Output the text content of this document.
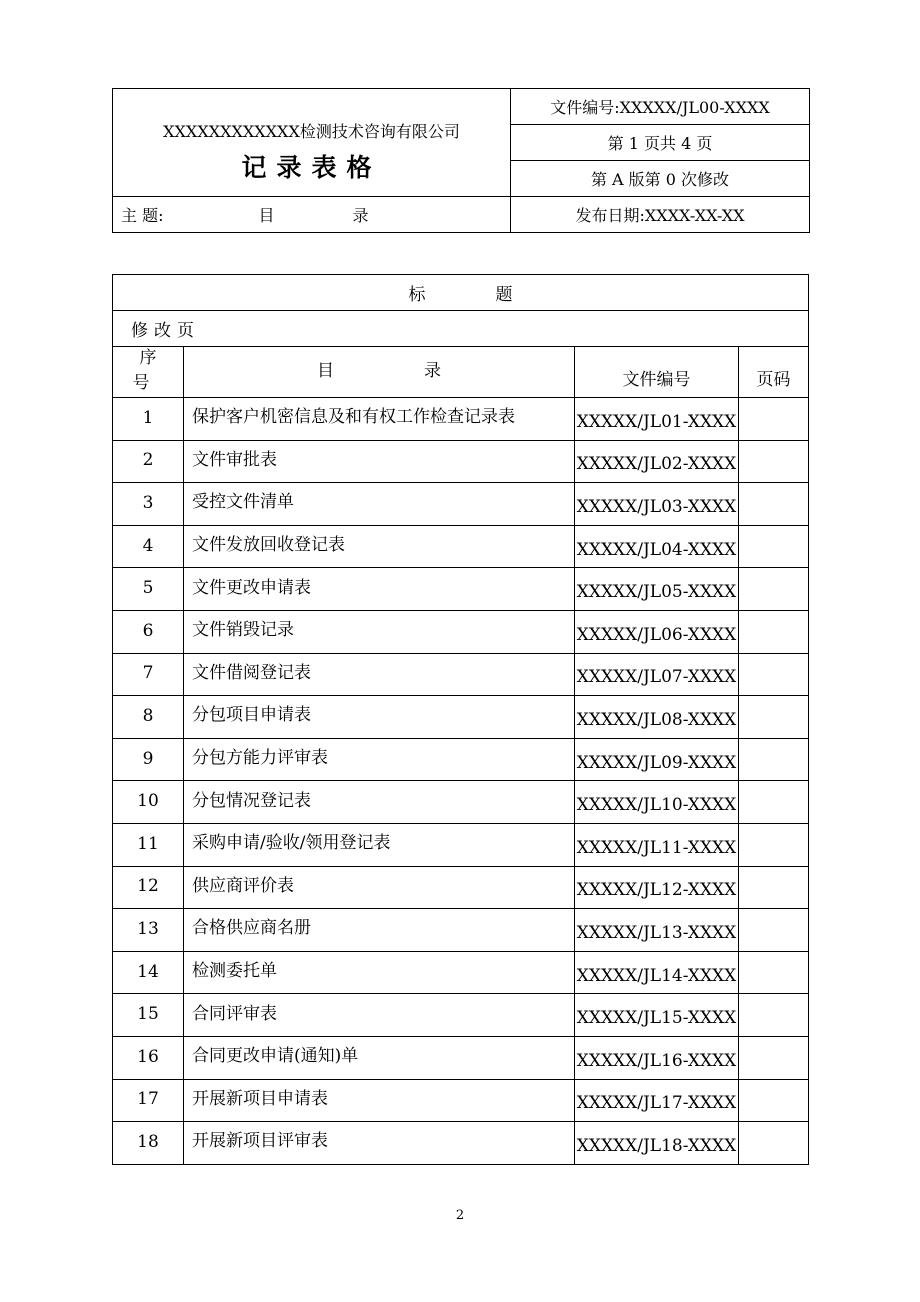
XXXXXXXXXXXX检测技术咨询有限公司
记录表格	文件编号:XXXXX/JL00-XXXX
	第 1 页共 4 页
	第 A 版第 0 次修改

主 题: 目录	发布日期:XXXX-XX-XX
标题			
修改页			
序号	目录	文件编号	页码
1	保护客户机密信息及和有权工作检查记录表	XXXXX/JL01-XXXX	
2	文件审批表	XXXXX/JL02-XXXX	
3	受控文件清单	XXXXX/JL03-XXXX	
4	文件发放回收登记表	XXXXX/JL04-XXXX	
5	文件更改申请表	XXXXX/JL05-XXXX	
6	文件销毁记录	XXXXX/JL06-XXXX	
7	文件借阅登记表	XXXXX/JL07-XXXX	
8	分包项目申请表	XXXXX/JL08-XXXX	
9	分包方能力评审表	XXXXX/JL09-XXXX	
10	分包情况登记表	XXXXX/JL10-XXXX	
11	采购申请/验收/领用登记表	XXXXX/JL11-XXXX	
12	供应商评价表	XXXXX/JL12-XXXX	
13	合格供应商名册	XXXXX/JL13-XXXX	
14	检测委托单	XXXXX/JL14-XXXX	
15	合同评审表	XXXXX/JL15-XXXX	
16	合同更改申请(通知)单	XXXXX/JL16-XXXX	
17	开展新项目申请表	XXXXX/JL17-XXXX	
18	开展新项目评审表	XXXXX/JL18-XXXX	
2
